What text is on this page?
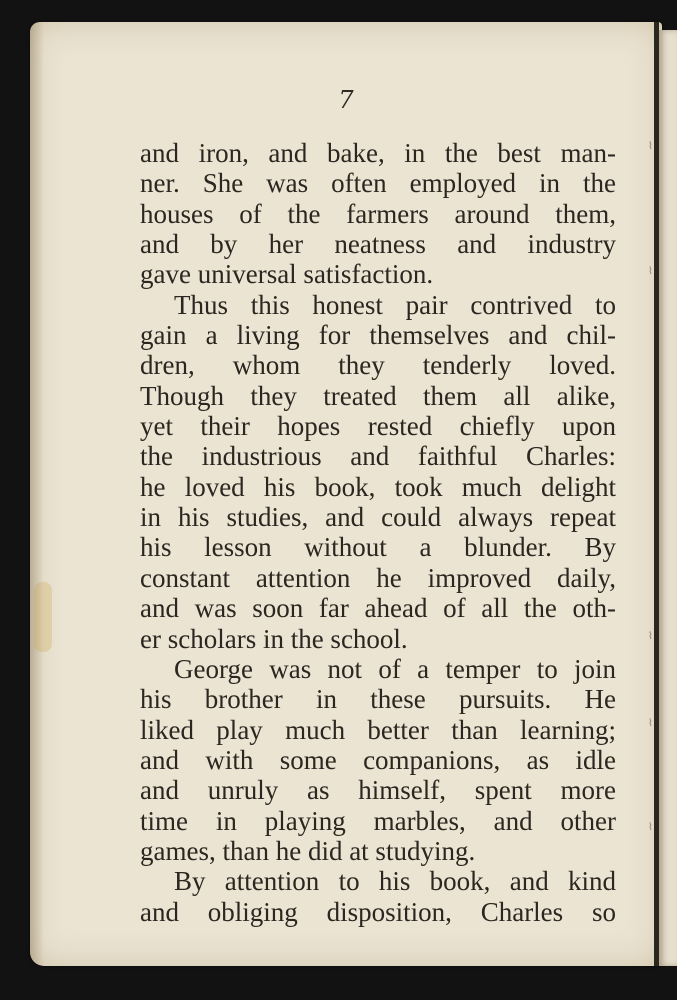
7

and iron, and bake, in the best man-
ner. She was often employed in the
houses of the farmers around them,
and by her neatness and industry
gave universal satisfaction.
Thus this honest pair contrived to
gain a living for themselves and chil-
dren, whom they tenderly loved.
Though they treated them all alike,
yet their hopes rested chiefly upon
the industrious and faithful Charles:
he loved his book, took much delight
in his studies, and could always repeat
his lesson without a blunder. By
constant attention he improved daily,
and was soon far ahead of all the oth-
er scholars in the school.
George was not of a temper to join
his brother in these pursuits. He
liked play much better than learning;
and with some companions, as idle
and unruly as himself, spent more
time in playing marbles, and other
games, than he did at studying.
By attention to his book, and kind
and obliging disposition, Charles so
⌇
⌇
⌇
⌇
⌇
